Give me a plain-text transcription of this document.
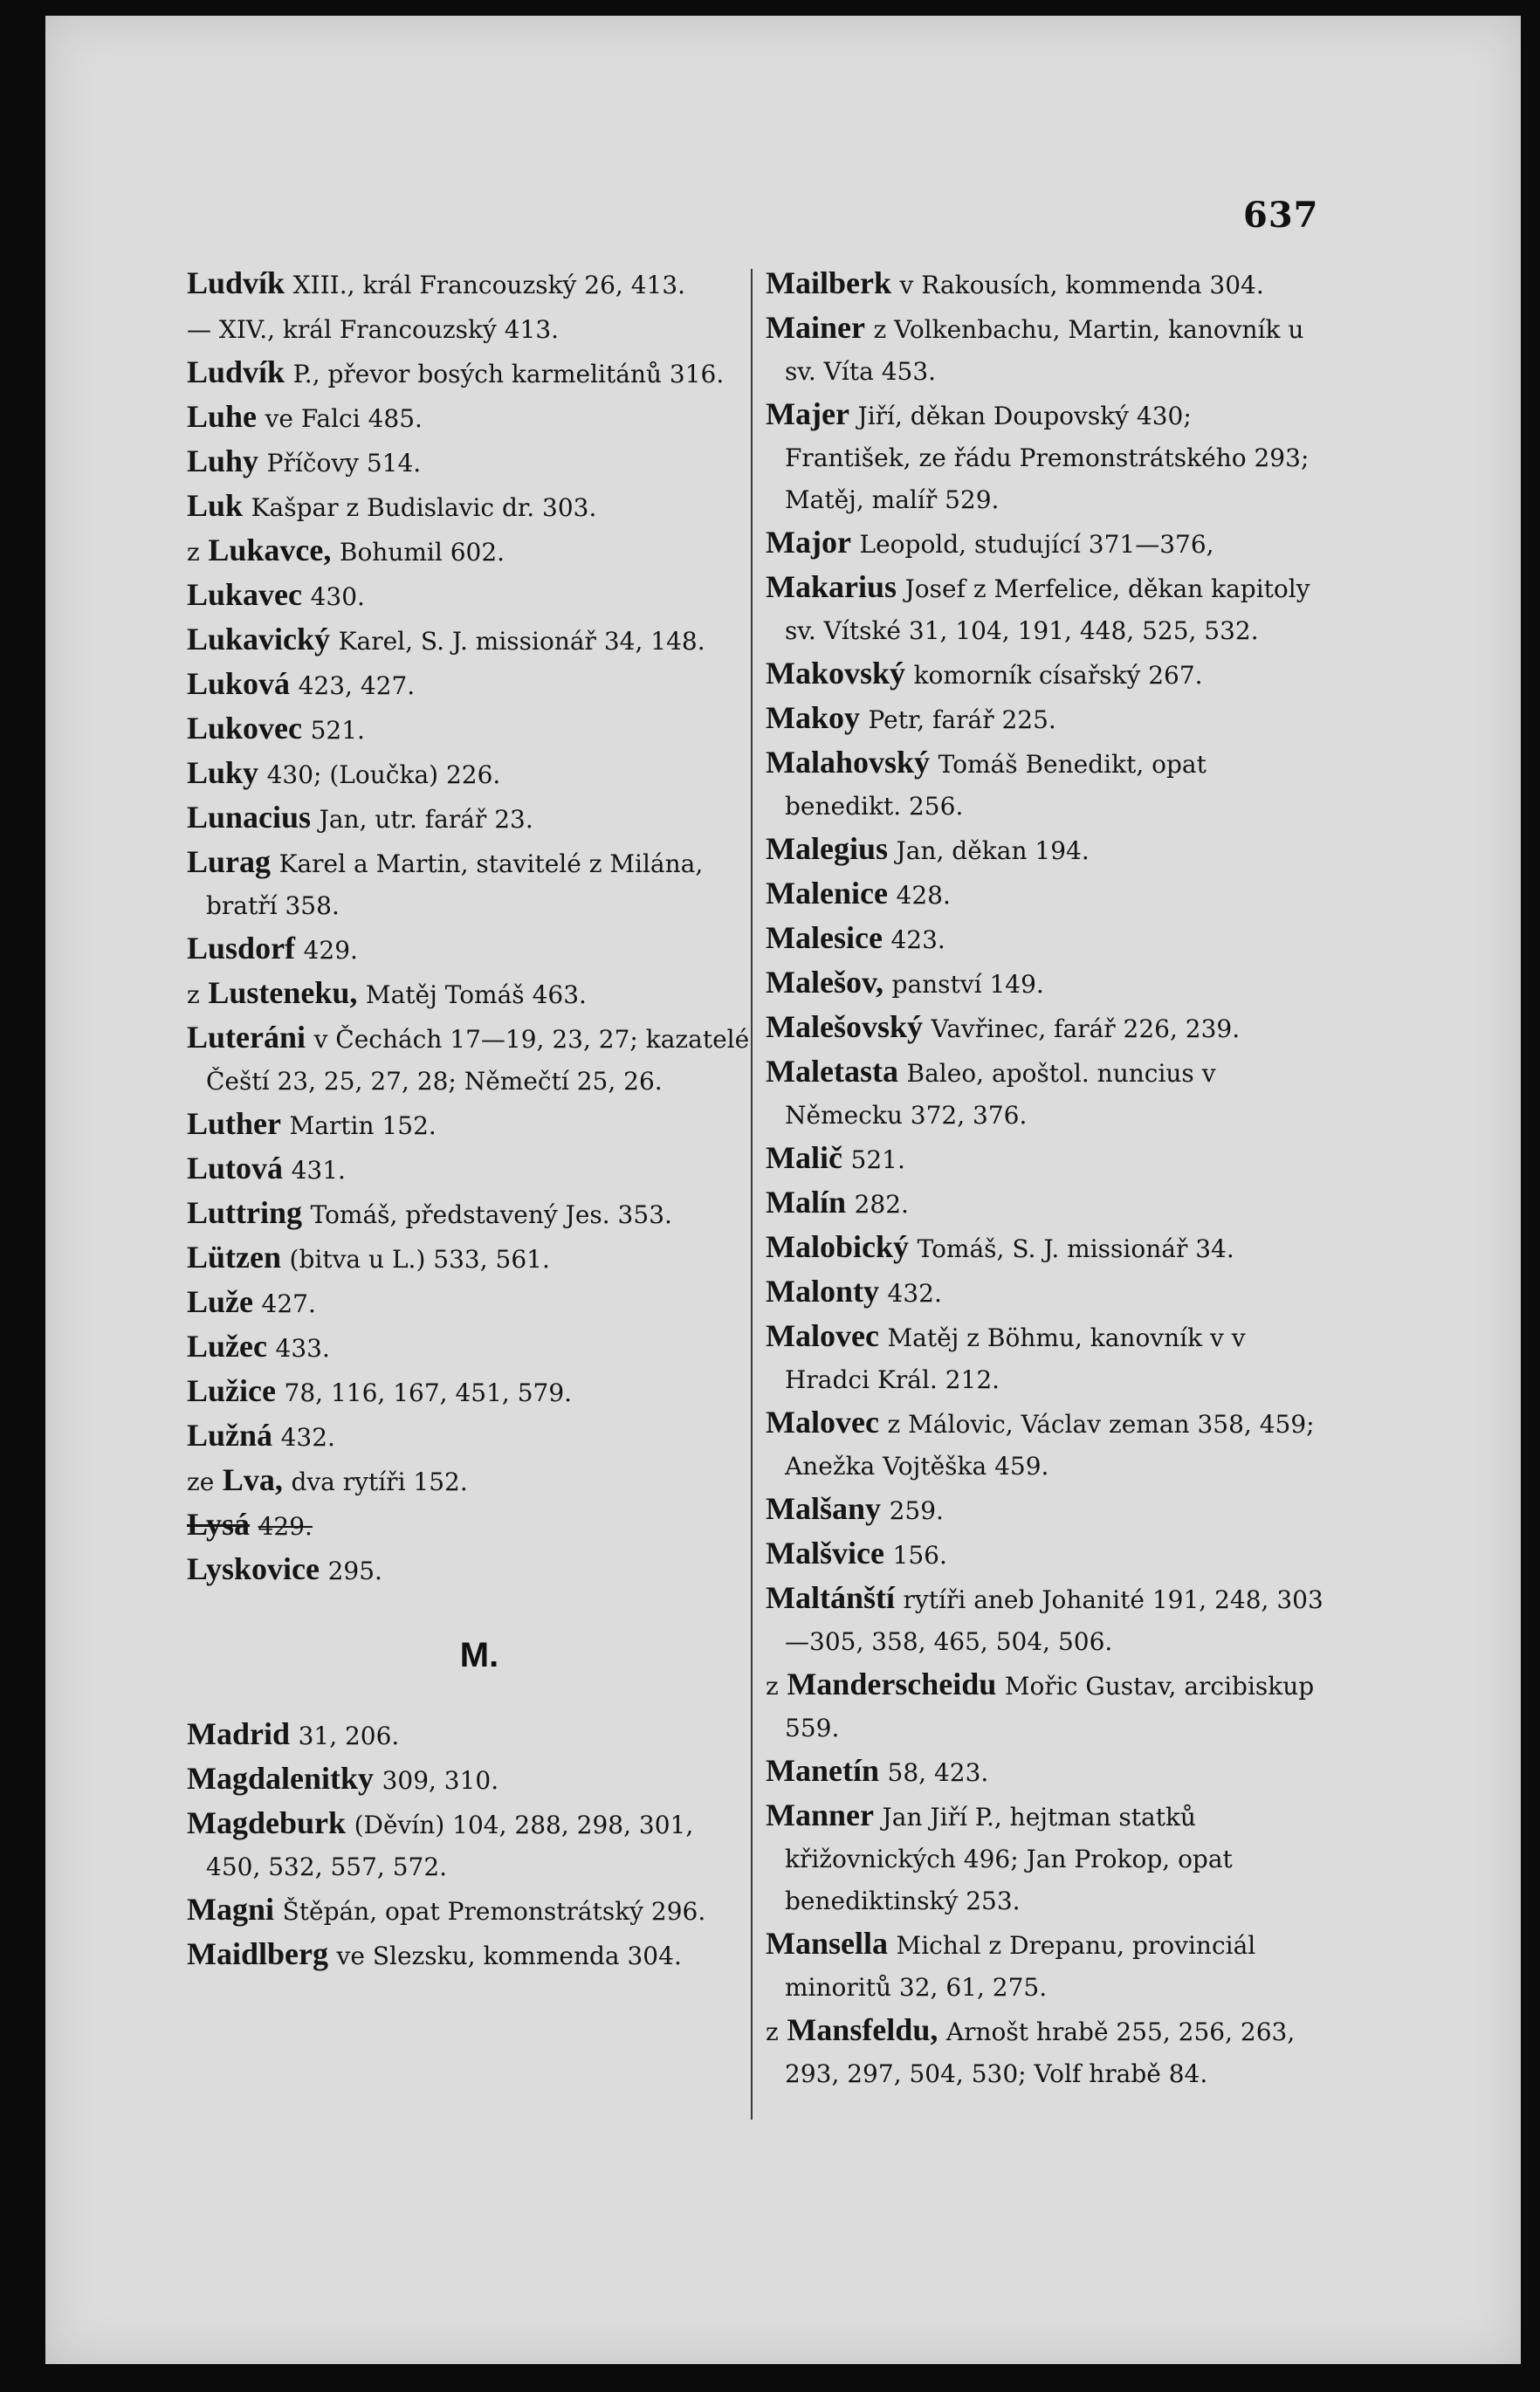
637
Ludvík XIII., král Francouzský 26, 413.
— XIV., král Francouzský 413.
Ludvík P., převor bosých karmelitánů 316.
Luhe ve Falci 485.
Luhy Příčovy 514.
Luk Kašpar z Budislavic dr. 303.
z Lukavce, Bohumil 602.
Lukavec 430.
Lukavický Karel, S. J. missionář 34, 148.
Luková 423, 427.
Lukovec 521.
Luky 430; (Loučka) 226.
Lunacius Jan, utr. farář 23.
Lurag Karel a Martin, stavitelé z Milána, bratří 358.
Lusdorf 429.
z Lusteneku, Matěj Tomáš 463.
Luteráni v Čechách 17—19, 23, 27; kazatelé Čeští 23, 25, 27, 28; Němečtí 25, 26.
Luther Martin 152.
Lutová 431.
Luttring Tomáš, představený Jes. 353.
Lützen (bitva u L.) 533, 561.
Luže 427.
Lužec 433.
Lužice 78, 116, 167, 451, 579.
Lužná 432.
ze Lva, dva rytíři 152.
Lysá 429.
Lyskovice 295.
M.
Madrid 31, 206.
Magdalenitky 309, 310.
Magdeburk (Děvín) 104, 288, 298, 301, 450, 532, 557, 572.
Magni Štěpán, opat Premonstrátský 296.
Maidlberg ve Slezsku, kommenda 304.
Mailberk v Rakousích, kommenda 304.
Mainer z Volkenbachu, Martin, kanovník u sv. Víta 453.
Majer Jiří, děkan Doupovský 430; František, ze řádu Premonstrátského 293; Matěj, malíř 529.
Major Leopold, studující 371—376,
Makarius Josef z Merfelice, děkan kapitoly sv. Vítské 31, 104, 191, 448, 525, 532.
Makovský komorník císařský 267.
Makoy Petr, farář 225.
Malahovský Tomáš Benedikt, opat benedikt. 256.
Malegius Jan, děkan 194.
Malenice 428.
Malesice 423.
Malešov, panství 149.
Malešovský Vavřinec, farář 226, 239.
Maletasta Baleo, apoštol. nuncius v Německu 372, 376.
Malič 521.
Malín 282.
Malobický Tomáš, S. J. missionář 34.
Malonty 432.
Malovec Matěj z Böhmu, kanovník v v Hradci Král. 212.
Malovec z Málovic, Václav zeman 358, 459; Anežka Vojtěška 459.
Malšany 259.
Malšvice 156.
Maltánští rytíři aneb Johanité 191, 248, 303—305, 358, 465, 504, 506.
z Manderscheidu Mořic Gustav, arcibiskup 559.
Manetín 58, 423.
Manner Jan Jiří P., hejtman statků křižovnických 496; Jan Prokop, opat benediktinský 253.
Mansella Michal z Drepanu, provinciál minoritů 32, 61, 275.
z Mansfeldu, Arnošt hrabě 255, 256, 263, 293, 297, 504, 530; Volf hrabě 84.
